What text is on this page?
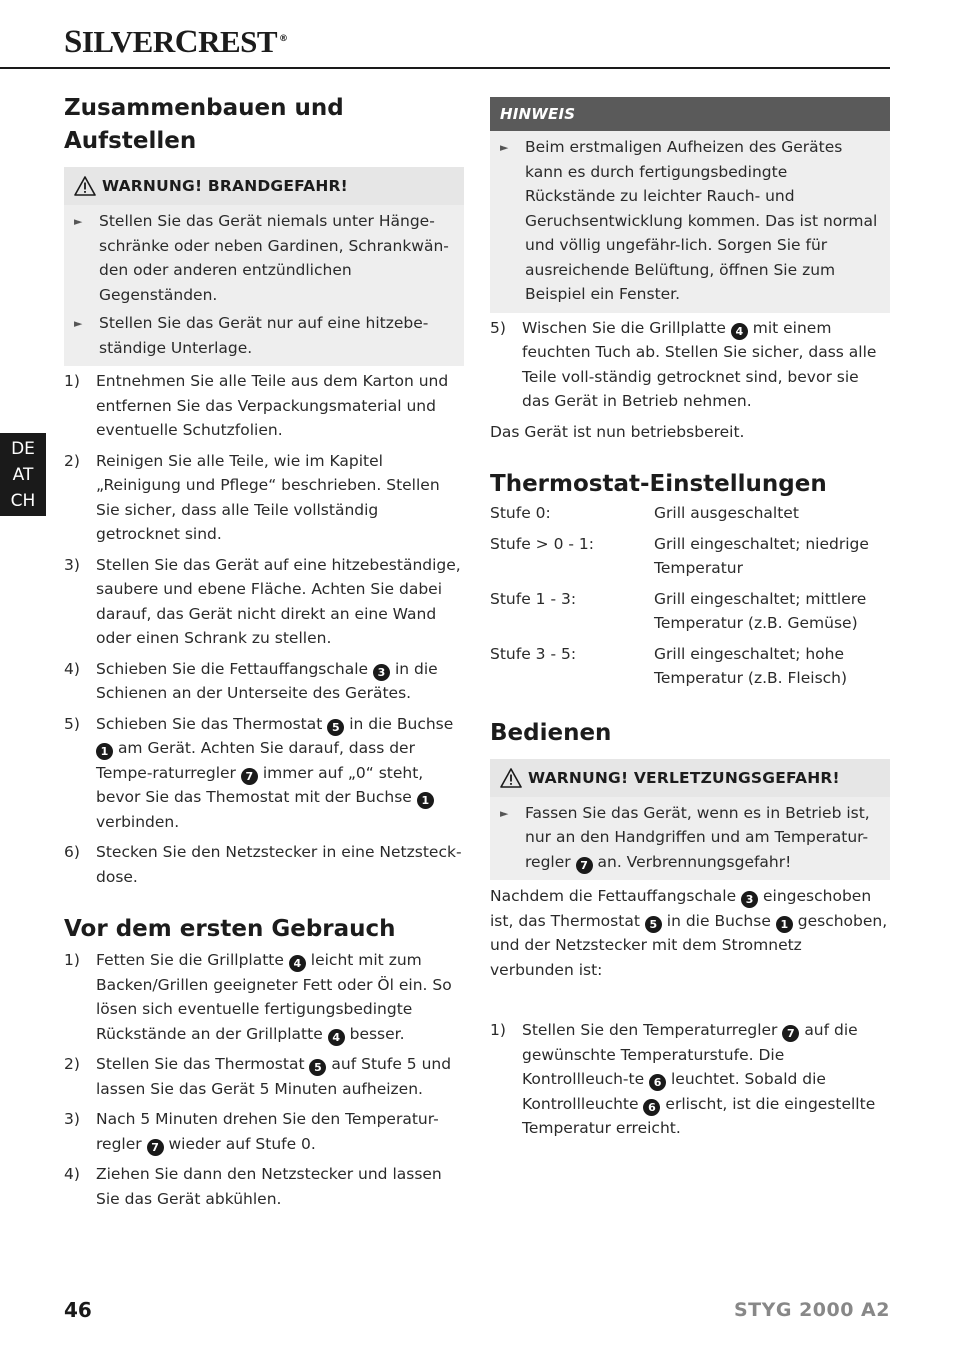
SILVERCREST ®
DE
AT
CH
Zusammenbauen und
Aufstellen
WARNUNG! BRANDGEFAHR!
►	Stellen Sie das Gerät niemals unter Hänge-schränke oder neben Gardinen, Schrankwän-den oder anderen entzündlichen Gegenständen.
►	Stellen Sie das Gerät nur auf eine hitzebe-ständige Unterlage.
1)	Entnehmen Sie alle Teile aus dem Karton und entfernen Sie das Verpackungsmaterial und eventuelle Schutzfolien.
2)	Reinigen Sie alle Teile, wie im Kapitel „Reinigung und Pflege“ beschrieben. Stellen Sie sicher, dass alle Teile vollständig getrocknet sind.
3)	Stellen Sie das Gerät auf eine hitzebeständige, saubere und ebene Fläche. Achten Sie dabei darauf, das Gerät nicht direkt an eine Wand oder einen Schrank zu stellen.
4)	Schieben Sie die Fettauffangschale 3 in die Schienen an der Unterseite des Gerätes.
5)	Schieben Sie das Thermostat 5 in die Buchse 1 am Gerät. Achten Sie darauf, dass der Tempe-raturregler 7 immer auf „0“ steht, bevor Sie das Themostat mit der Buchse 1 verbinden.
6)	Stecken Sie den Netzstecker in eine Netzsteck-dose.
Vor dem ersten Gebrauch
1)	Fetten Sie die Grillplatte 4 leicht mit zum Backen/Grillen geeigneter Fett oder Öl ein. So lösen sich eventuelle fertigungsbedingte Rückstände an der Grillplatte 4 besser.
2)	Stellen Sie das Thermostat 5 auf Stufe 5 und lassen Sie das Gerät 5 Minuten aufheizen.
3)	Nach 5 Minuten drehen Sie den Temperatur-regler 7 wieder auf Stufe 0.
4)	Ziehen Sie dann den Netzstecker und lassen Sie das Gerät abkühlen.
HINWEIS
►	Beim erstmaligen Aufheizen des Gerätes kann es durch fertigungsbedingte Rückstände zu leichter Rauch- und Geruchsentwicklung kommen. Das ist normal und völlig ungefähr-lich. Sorgen Sie für ausreichende Belüftung, öffnen Sie zum Beispiel ein Fenster.
5)	Wischen Sie die Grillplatte 4 mit einem feuchten Tuch ab. Stellen Sie sicher, dass alle Teile voll-ständig getrocknet sind, bevor sie das Gerät in Betrieb nehmen.
Das Gerät ist nun betriebsbereit.
Thermostat-Einstellungen
Stufe 0:	Grill ausgeschaltet
Stufe > 0 - 1:	Grill eingeschaltet; niedrige Temperatur
Stufe 1 - 3:	Grill eingeschaltet; mittlere Temperatur (z.B. Gemüse)
Stufe 3 - 5:	Grill eingeschaltet; hohe Temperatur (z.B. Fleisch)
Bedienen
WARNUNG! VERLETZUNGSGEFAHR!
►	Fassen Sie das Gerät, wenn es in Betrieb ist, nur an den Handgriffen und am Temperatur-regler 7 an. Verbrennungsgefahr!
Nachdem die Fettauffangschale 3 eingeschoben ist, das Thermostat 5 in die Buchse 1 geschoben, und der Netzstecker mit dem Stromnetz verbunden ist:
1)	Stellen Sie den Temperaturregler 7 auf die gewünschte Temperaturstufe. Die Kontrollleuch-te 6 leuchtet. Sobald die Kontrollleuchte 6 erlischt, ist die eingestellte Temperatur erreicht.
46	STYG 2000 A2
